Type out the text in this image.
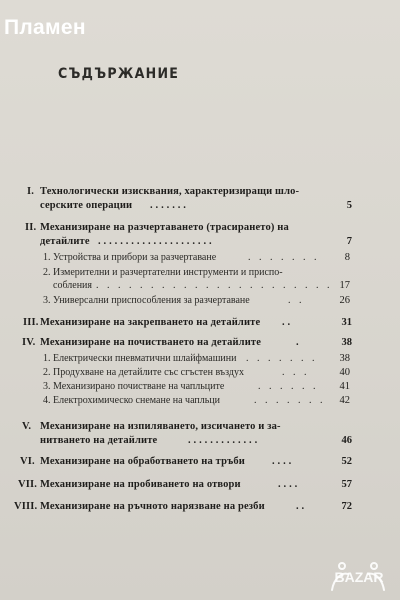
Пламен
СЪДЪРЖАНИЕ
I. Технологически изисквания, характеризиращи шло-
серските операции . . . . . . .	5
II. Механизиране на разчертаването (трасирането) на
детайлите . . . . . . . . . . . . . . . . . . . . .	7
1. Устройства и прибори за разчертаване	. . . . . . .	8
2. Измерителни и разчертателни инструменти и приспо-
собления . . . . . . . . . . . . . . . . . . . . . . 17
3. Универсални приспособления за разчертаване	. .	26
III. Механизиране на закрепването на детайлите . .	31
IV. Механизиране на почистването на детайлите	.	38
1. Електрически пневматични шлайфмашини . . . . . . .	38
2. Продухване на детайлите със сгъстен въздух	. . .	40
3. Механизирано почистване на чапльците	. . . . . .	41
4. Електрохимическо снемане на чапльци	. . . . . . .	42
V. Механизиране на изпиляването, изсичането и за-
нитването на детайлите	. . . . . . . . . . . . .	46
VI. Механизиране на обработването на тръби	. . . .	52
VII. Механизиране на пробиването на отвори	. . . .	57
VIII. Механизиране на ръчното нарязване на резби	. .	72
BAZAR
